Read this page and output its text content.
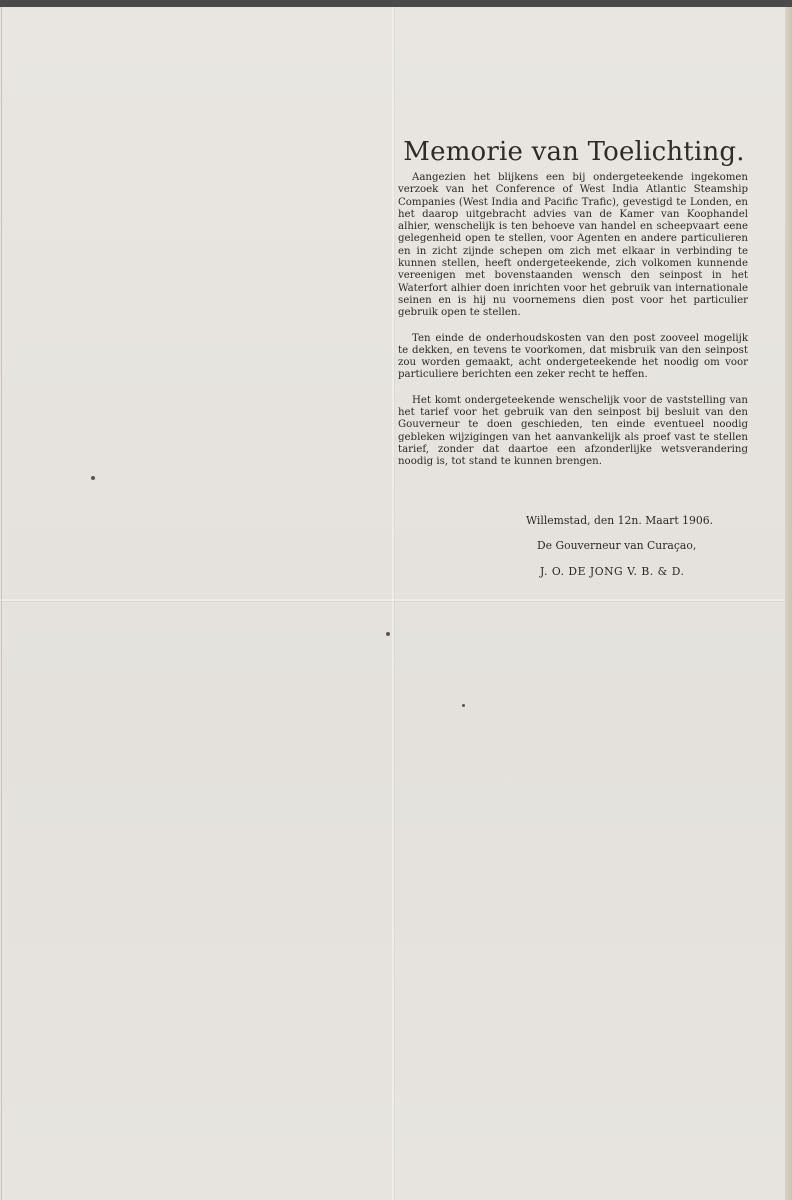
Memorie van Toelichting.

Aangezien het blijkens een bij ondergeteekende ingekomen verzoek van het Conference of West India Atlantic Steamship Companies (West India and Pacific Trafic), gevestigd te Londen, en het daarop uitgebracht advies van de Kamer van Koophandel alhier, wenschelijk is ten behoeve van handel en scheepvaart eene gelegenheid open te stellen, voor Agenten en andere particulieren en in zicht zijnde schepen om zich met elkaar in verbinding te kunnen stellen, heeft ondergeteekende, zich volkomen kunnende vereenigen met bovenstaanden wensch den seinpost in het Waterfort alhier doen inrichten voor het gebruik van internationale seinen en is hij nu voornemens dien post voor het particulier gebruik open te stellen.

Ten einde de onderhoudskosten van den post zooveel mogelijk te dekken, en tevens te voorkomen, dat misbruik van den seinpost zou worden gemaakt, acht ondergeteekende het noodig om voor particuliere berichten een zeker recht te heffen.

Het komt ondergeteekende wenschelijk voor de vaststelling van het tarief voor het gebruik van den seinpost bij besluit van den Gouverneur te doen geschieden, ten einde eventueel noodig gebleken wijzigingen van het aanvankelijk als proef vast te stellen tarief, zonder dat daartoe een afzonderlijke wetsverandering noodig is, tot stand te kunnen brengen.

Willemstad, den 12n. Maart 1906.
De Gouverneur van Curaçao,
J. O. DE JONG V. B. & D.
